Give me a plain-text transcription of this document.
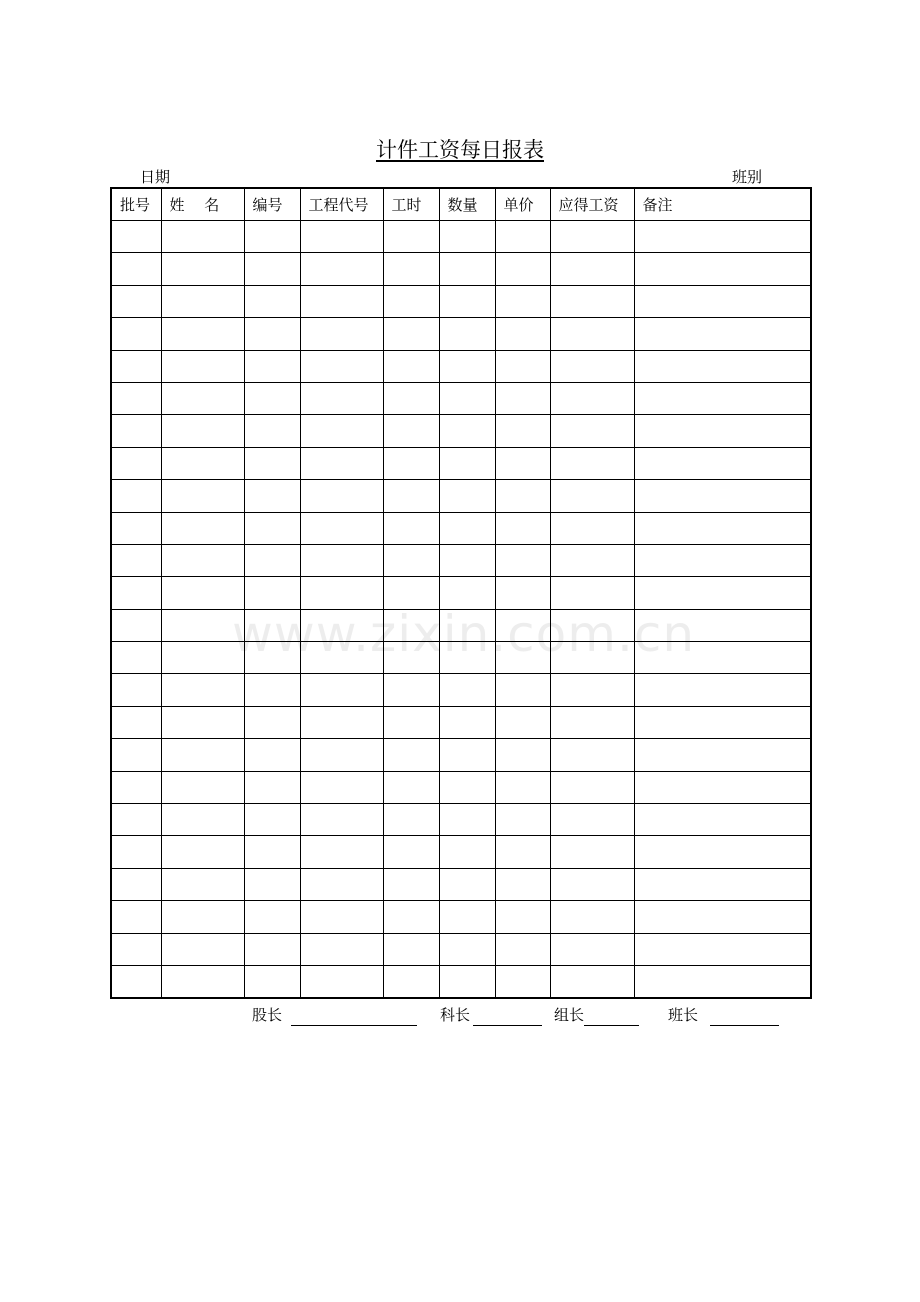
计件工资每日报表
日期	班别
批号	姓　 名	编号	工程代号	工时	数量	单价	应得工资	备注

www.zixin.com.cn
股长	科长	组长	班长
